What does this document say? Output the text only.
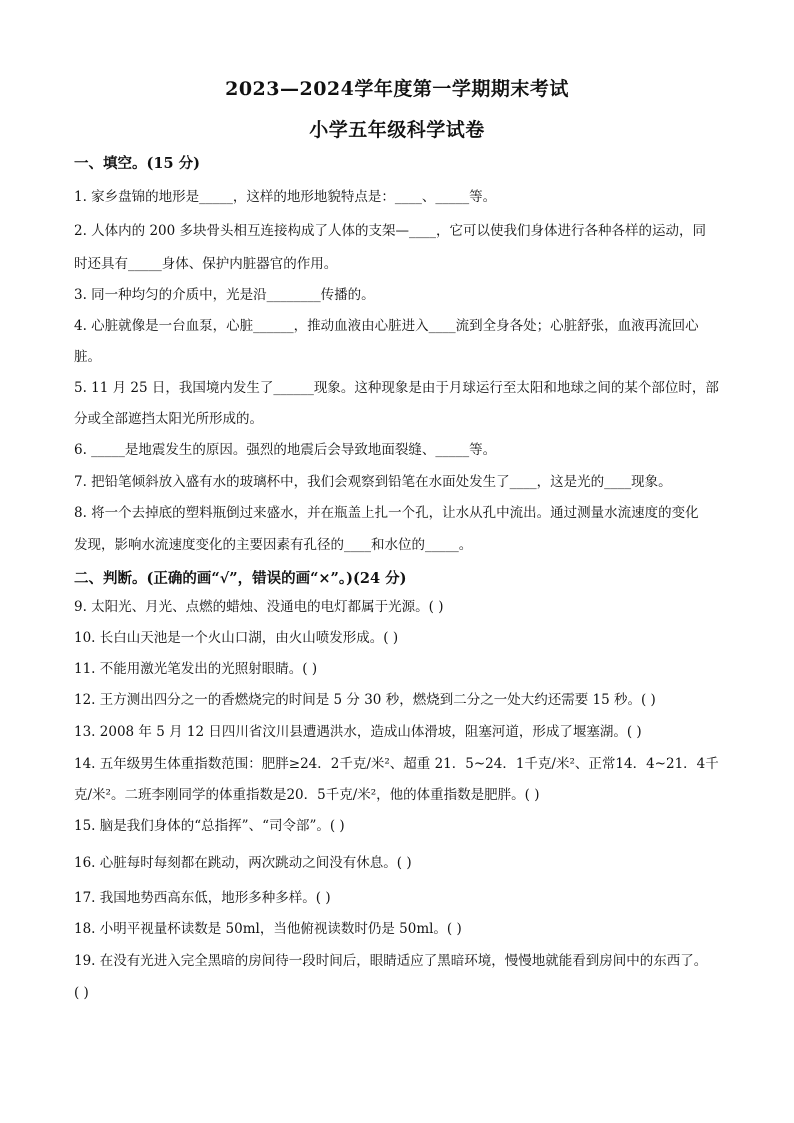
2023—2024学年度第一学期期末考试
小学五年级科学试卷
一、填空。(15 分)
1. 家乡盘锦的地形是_____，这样的地形地貌特点是：____、_____等。
2. 人体内的 200 多块骨头相互连接构成了人体的支架—____，它可以使我们身体进行各种各样的运动，同
时还具有_____身体、保护内脏器官的作用。
3. 同一种均匀的介质中，光是沿________传播的。
4. 心脏就像是一台血泵，心脏______，推动血液由心脏进入____流到全身各处；心脏舒张，血液再流回心
脏。
5. 11 月 25 日，我国境内发生了______现象。这种现象是由于月球运行至太阳和地球之间的某个部位时，部
分或全部遮挡太阳光所形成的。
6. _____是地震发生的原因。强烈的地震后会导致地面裂缝、_____等。
7. 把铅笔倾斜放入盛有水的玻璃杯中，我们会观察到铅笔在水面处发生了____，这是光的____现象。
8. 将一个去掉底的塑料瓶倒过来盛水，并在瓶盖上扎一个孔，让水从孔中流出。通过测量水流速度的变化
发现，影响水流速度变化的主要因素有孔径的____和水位的_____。
二、判断。(正确的画“√”，错误的画“×”。)(24 分)
9. 太阳光、月光、点燃的蜡烛、没通电的电灯都属于光源。( )
10. 长白山天池是一个火山口湖，由火山喷发形成。( )
11. 不能用激光笔发出的光照射眼睛。( )
12. 王方测出四分之一的香燃烧完的时间是 5 分 30 秒，燃烧到二分之一处大约还需要 15 秒。( )
13. 2008 年 5 月 12 日四川省汶川县遭遇洪水，造成山体滑坡，阻塞河道，形成了堰塞湖。( )
14. 五年级男生体重指数范围：肥胖≥24．2千克/米²、超重 21．5~24．1千克/米²、正常14．4~21．4千
克/米²。二班李刚同学的体重指数是20．5千克/米²，他的体重指数是肥胖。( )
15. 脑是我们身体的“总指挥”、“司令部”。( )
16. 心脏每时每刻都在跳动，两次跳动之间没有休息。( )
17. 我国地势西高东低，地形多种多样。( )
18. 小明平视量杯读数是 50ml，当他俯视读数时仍是 50ml。( )
19. 在没有光进入完全黑暗的房间待一段时间后，眼睛适应了黑暗环境，慢慢地就能看到房间中的东西了。
( )
